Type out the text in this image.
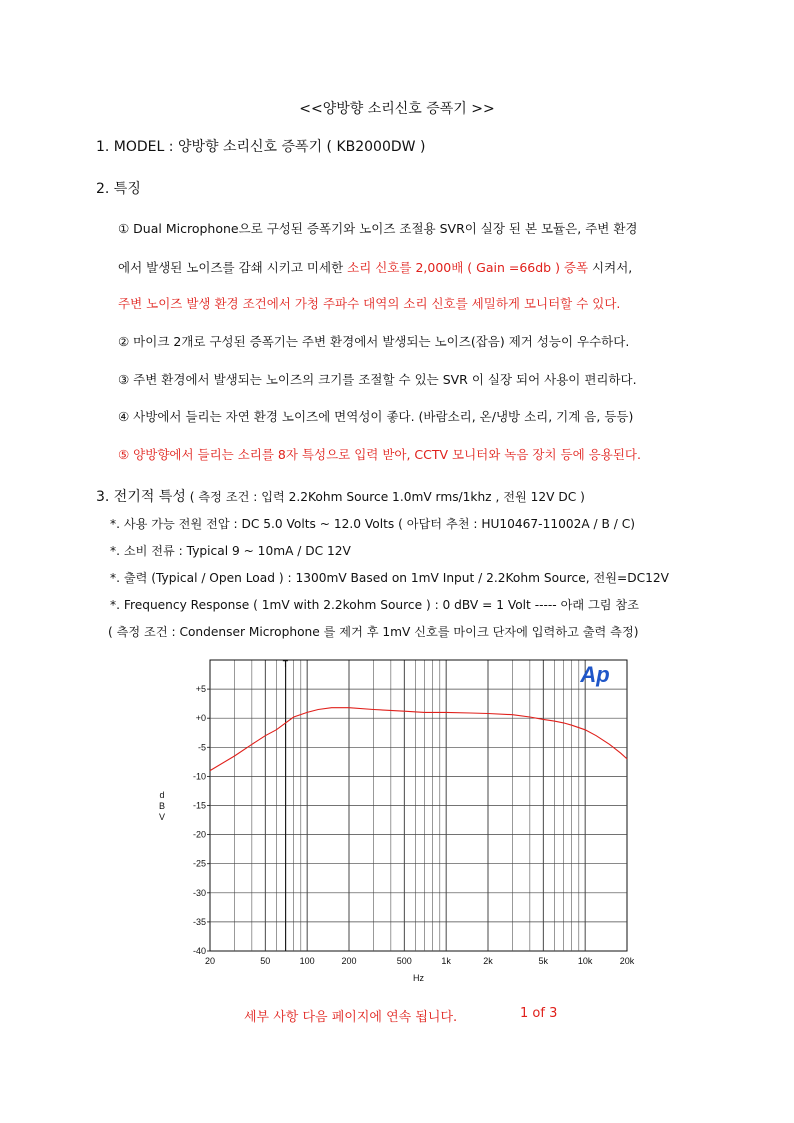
<<양방향 소리신호 증폭기 >>
1. MODEL : 양방향 소리신호 증폭기 ( KB2000DW )
2. 특징
① Dual Microphone으로 구성된 증폭기와 노이즈 조절용 SVR이 실장 된 본 모듈은, 주변 환경
에서 발생된 노이즈를 감쇄 시키고 미세한 소리 신호를 2,000배 ( Gain =66db ) 증폭 시켜서,
주변 노이즈 발생 환경 조건에서 가청 주파수 대역의 소리 신호를 세밀하게 모니터할 수 있다.
② 마이크 2개로 구성된 증폭기는 주변 환경에서 발생되는 노이즈(잡음) 제거 성능이 우수하다.
③ 주변 환경에서 발생되는 노이즈의 크기를 조절할 수 있는 SVR 이 실장 되어 사용이 편리하다.
④ 사방에서 들리는 자연 환경 노이즈에 면역성이 좋다. (바람소리, 온/냉방 소리, 기계 음, 등등)
⑤ 양방향에서 들리는 소리를 8자 특성으로 입력 받아, CCTV 모니터와 녹음 장치 등에 응용된다.
3. 전기적 특성 ( 측정 조건 : 입력 2.2Kohm Source 1.0mV rms/1khz , 전원 12V DC )
*. 사용 가능 전원 전압 : DC 5.0 Volts ~ 12.0 Volts ( 아답터 추천 : HU10467-11002A / B / C)
*. 소비 전류 : Typical 9 ~ 10mA / DC 12V
*. 출력 (Typical / Open Load ) : 1300mV Based on 1mV Input / 2.2Kohm Source, 전원=DC12V
*. Frequency Response ( 1mV with 2.2kohm Source ) : 0 dBV = 1 Volt ----- 아래 그림 참조
( 측정 조건 : Condenser Microphone 를 제거 후 1mV 신호를 마이크 단자에 입력하고 출력 측정)
+5
+0
-5
-10
-15
-20
-25
-30
-35
-40
20	50	100	200	500	1k	2k	5k	10k	20k
Hz
d
B
V
T	Ap
세부 사항 다음 페이지에 연속 됩니다.	1 of 3
